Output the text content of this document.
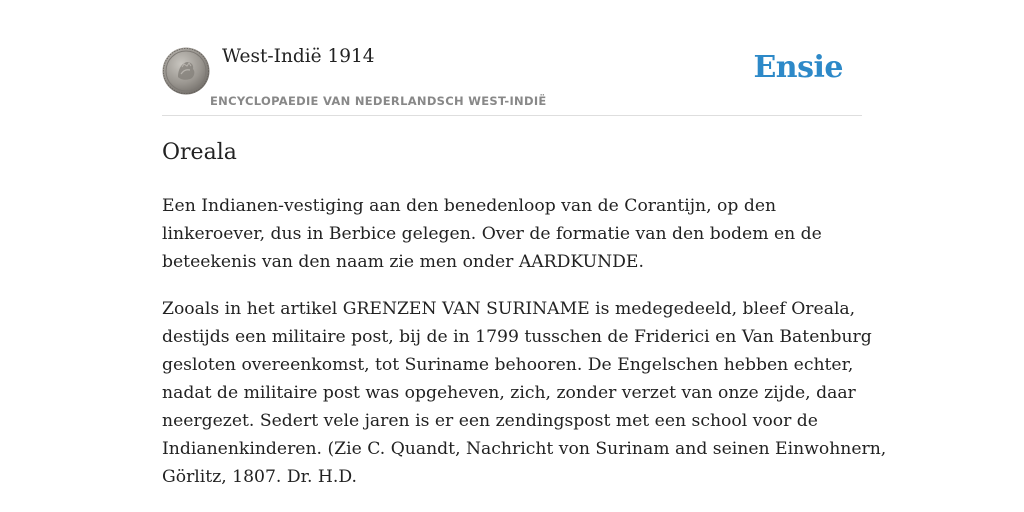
West-Indië 1914
ENCYCLOPAEDIE VAN NEDERLANDSCH WEST-INDIË
Ensie
Oreala

Een Indianen-vestiging aan den benedenloop van de Corantijn, op den
linkeroever, dus in Berbice gelegen. Over de formatie van den bodem en de
beteekenis van den naam zie men onder AARDKUNDE.

Zooals in het artikel GRENZEN VAN SURINAME is medegedeeld, bleef Oreala,
destijds een militaire post, bij de in 1799 tusschen de Friderici en Van Batenburg
gesloten overeenkomst, tot Suriname behooren. De Engelschen hebben echter,
nadat de militaire post was opgeheven, zich, zonder verzet van onze zijde, daar
neergezet. Sedert vele jaren is er een zendingspost met een school voor de
Indianenkinderen. (Zie C. Quandt, Nachricht von Surinam and seinen Einwohnern,
Görlitz, 1807. Dr. H.D.
